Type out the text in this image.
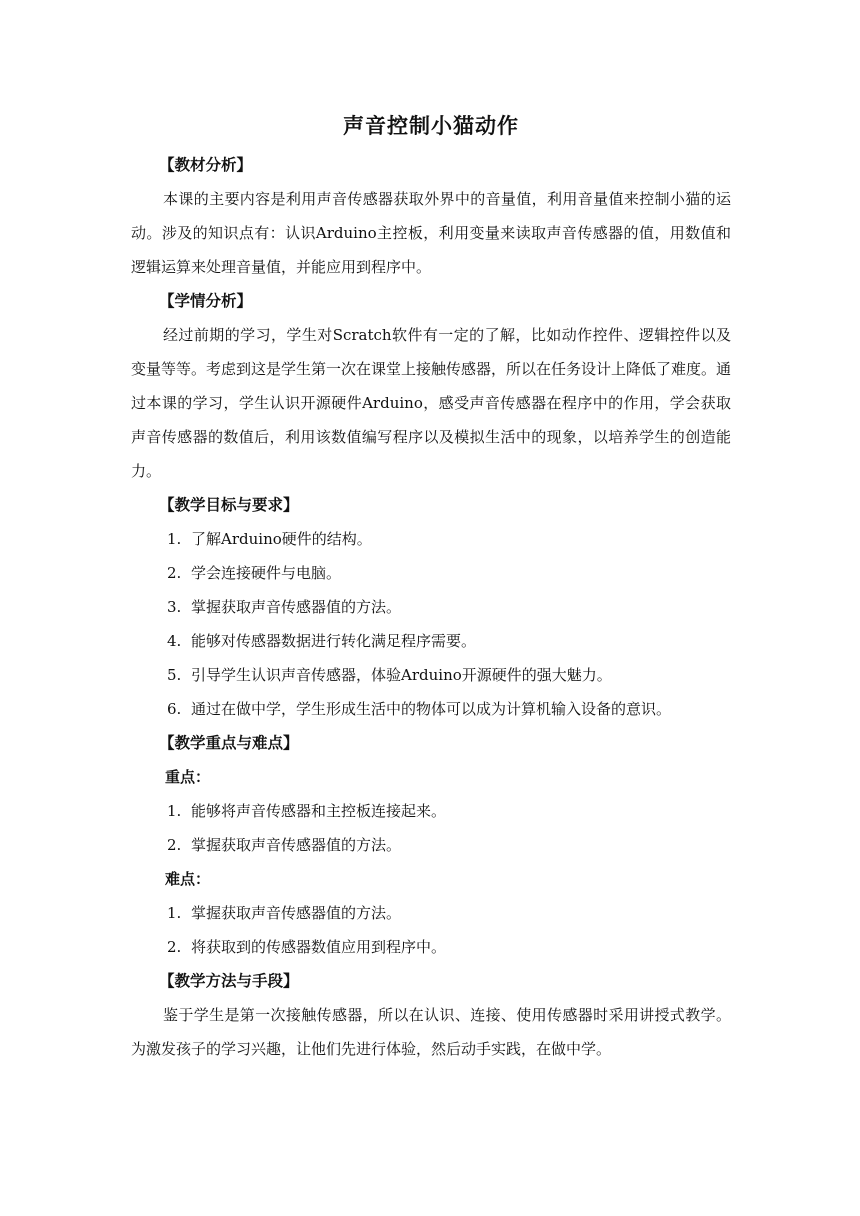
声音控制小猫动作
【教材分析】

本课的主要内容是利用声音传感器获取外界中的音量值，利用音量值来控制小猫的运动。涉及的知识点有：认识Arduino主控板，利用变量来读取声音传感器的值，用数值和逻辑运算来处理音量值，并能应用到程序中。

【学情分析】

经过前期的学习，学生对Scratch软件有一定的了解，比如动作控件、逻辑控件以及变量等等。考虑到这是学生第一次在课堂上接触传感器，所以在任务设计上降低了难度。通过本课的学习，学生认识开源硬件Arduino，感受声音传感器在程序中的作用，学会获取声音传感器的数值后，利用该数值编写程序以及模拟生活中的现象，以培养学生的创造能力。

【教学目标与要求】
1. 了解Arduino硬件的结构。
2. 学会连接硬件与电脑。
3. 掌握获取声音传感器值的方法。
4. 能够对传感器数据进行转化满足程序需要。
5. 引导学生认识声音传感器，体验Arduino开源硬件的强大魅力。
6. 通过在做中学，学生形成生活中的物体可以成为计算机输入设备的意识。
【教学重点与难点】
重点：
1. 能够将声音传感器和主控板连接起来。
2. 掌握获取声音传感器值的方法。
难点：
1. 掌握获取声音传感器值的方法。
2. 将获取到的传感器数值应用到程序中。
【教学方法与手段】

鉴于学生是第一次接触传感器，所以在认识、连接、使用传感器时采用讲授式教学。为激发孩子的学习兴趣，让他们先进行体验，然后动手实践，在做中学。
